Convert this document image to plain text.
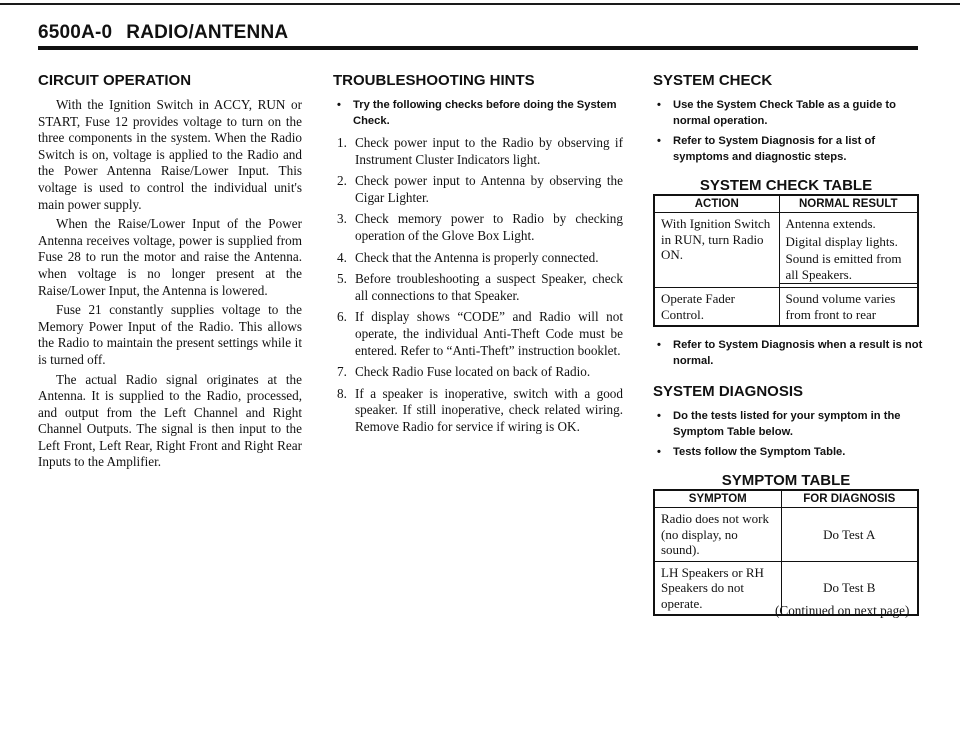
6500A-0 RADIO/ANTENNA
CIRCUIT OPERATION

With the Ignition Switch in ACCY, RUN or START, Fuse 12 provides voltage to turn on the three components in the system. When the Radio Switch is on, voltage is applied to the Radio and the Power Antenna Raise/Lower Input. This voltage is used to control the individual unit's main power supply.

When the Raise/Lower Input of the Power Antenna receives voltage, power is supplied from Fuse 28 to run the motor and raise the Antenna. when voltage is no longer present at the Raise/Lower Input, the Antenna is lowered.

Fuse 21 constantly supplies voltage to the Memory Power Input of the Radio. This allows the Radio to maintain the present settings while it is turned off.

The actual Radio signal originates at the Antenna. It is supplied to the Radio, processed, and output from the Left Channel and Right Channel Outputs. The signal is then input to the Left Front, Left Rear, Right Front and Right Rear Inputs to the Amplifier.

TROUBLESHOOTING HINTS
• Try the following checks before doing the System Check.
1. Check power input to the Radio by observing if Instrument Cluster Indicators light.
2. Check power input to Antenna by observing the Cigar Lighter.
3. Check memory power to Radio by checking operation of the Glove Box Light.
4. Check that the Antenna is properly connected.
5. Before troubleshooting a suspect Speaker, check all connections to that Speaker.
6. If display shows “CODE” and Radio will not operate, the individual Anti-Theft Code must be entered. Refer to “Anti-Theft” instruction booklet.
7. Check Radio Fuse located on back of Radio.
8. If a speaker is inoperative, switch with a good speaker. If still inoperative, check related wiring. Remove Radio for service if wiring is OK.
SYSTEM CHECK
• Use the System Check Table as a guide to normal operation.
• Refer to System Diagnosis for a list of symptoms and diagnostic steps.
SYSTEM CHECK TABLE
ACTION	NORMAL RESULT
With Ignition Switch in RUN, turn Radio ON.	Antenna extends.
Digital display lights.
Sound is emitted from all Speakers.

Operate Fader Control.	Sound volume varies from front to rear
• Refer to System Diagnosis when a result is not normal.
SYSTEM DIAGNOSIS
• Do the tests listed for your symptom in the Symptom Table below.
• Tests follow the Symptom Table.
SYMPTOM TABLE
SYMPTOM	FOR DIAGNOSIS
Radio does not work (no display, no sound).	Do Test A
LH Speakers or RH Speakers do not operate.	Do Test B
(Continued on next page)
